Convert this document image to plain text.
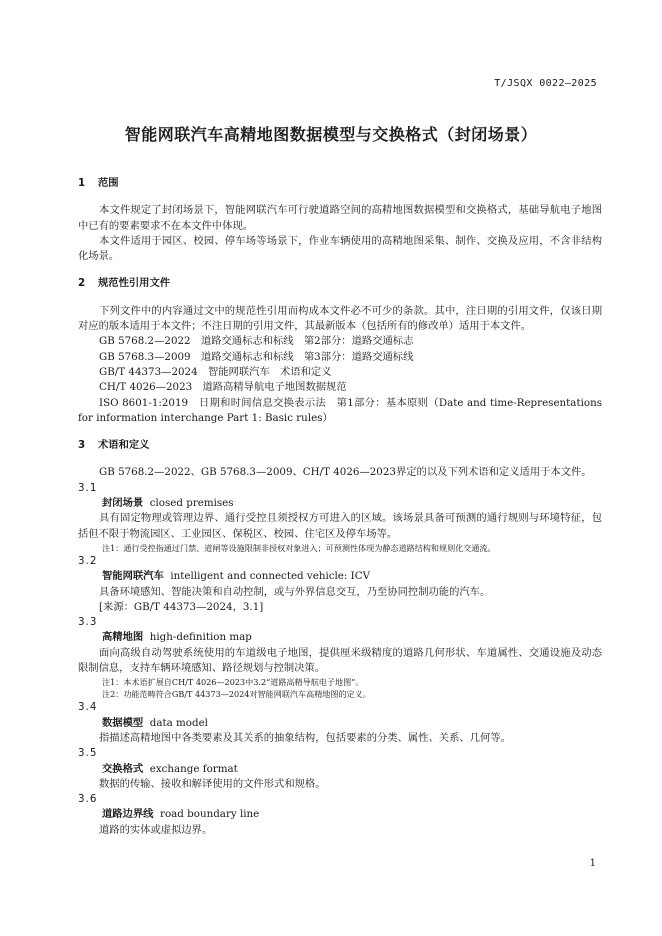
T/JSQX 0022—2025
智能网联汽车高精地图数据模型与交换格式（封闭场景）
1	范围
本文件规定了封闭场景下，智能网联汽车可行驶道路空间的高精地图数据模型和交换格式，基础导航电子地图中已有的要素要求不在本文件中体现。
本文件适用于园区、校园、停车场等场景下，作业车辆使用的高精地图采集、制作、交换及应用，不含非结构化场景。
2	规范性引用文件
下列文件中的内容通过文中的规范性引用而构成本文件必不可少的条款。其中，注日期的引用文件，仅该日期对应的版本适用于本文件；不注日期的引用文件，其最新版本（包括所有的修改单）适用于本文件。
GB 5768.2—2022　道路交通标志和标线　第2部分：道路交通标志
GB 5768.3—2009　道路交通标志和标线　第3部分：道路交通标线
GB/T 44373—2024　智能网联汽车　术语和定义
CH/T 4026—2023　道路高精导航电子地图数据规范
ISO 8601-1:2019　日期和时间信息交换表示法　第1部分：基本原则（Date and time-Representations for information interchange Part 1: Basic rules）
3	术语和定义
GB 5768.2—2022、GB 5768.3—2009、CH/T 4026—2023界定的以及下列术语和定义适用于本文件。
3.1
封闭场景 closed premises
具有固定物理或管理边界、通行受控且须授权方可进入的区域。该场景具备可预测的通行规则与环境特征，包括但不限于物流园区、工业园区、保税区、校园、住宅区及停车场等。
注1：通行受控指通过门禁、道闸等设施限制非授权对象进入；可预测性体现为静态道路结构和规则化交通流。
3.2
智能网联汽车 intelligent and connected vehicle: ICV
具备环境感知、智能决策和自动控制，或与外界信息交互，乃至协同控制功能的汽车。
[来源：GB/T 44373—2024，3.1]
3.3
高精地图 high-definition map
面向高级自动驾驶系统使用的车道级电子地图，提供厘米级精度的道路几何形状、车道属性、交通设施及动态限制信息，支持车辆环境感知、路径规划与控制决策。
注1：本术语扩展自CH/T 4026—2023中3.2“道路高精导航电子地图”。
注2：功能范畴符合GB/T 44373—2024对智能网联汽车高精地图的定义。
3.4
数据模型 data model
指描述高精地图中各类要素及其关系的抽象结构，包括要素的分类、属性、关系、几何等。
3.5
交换格式 exchange format
数据的传输、接收和解译使用的文件形式和规格。
3.6
道路边界线 road boundary line
道路的实体或虚拟边界。
1
